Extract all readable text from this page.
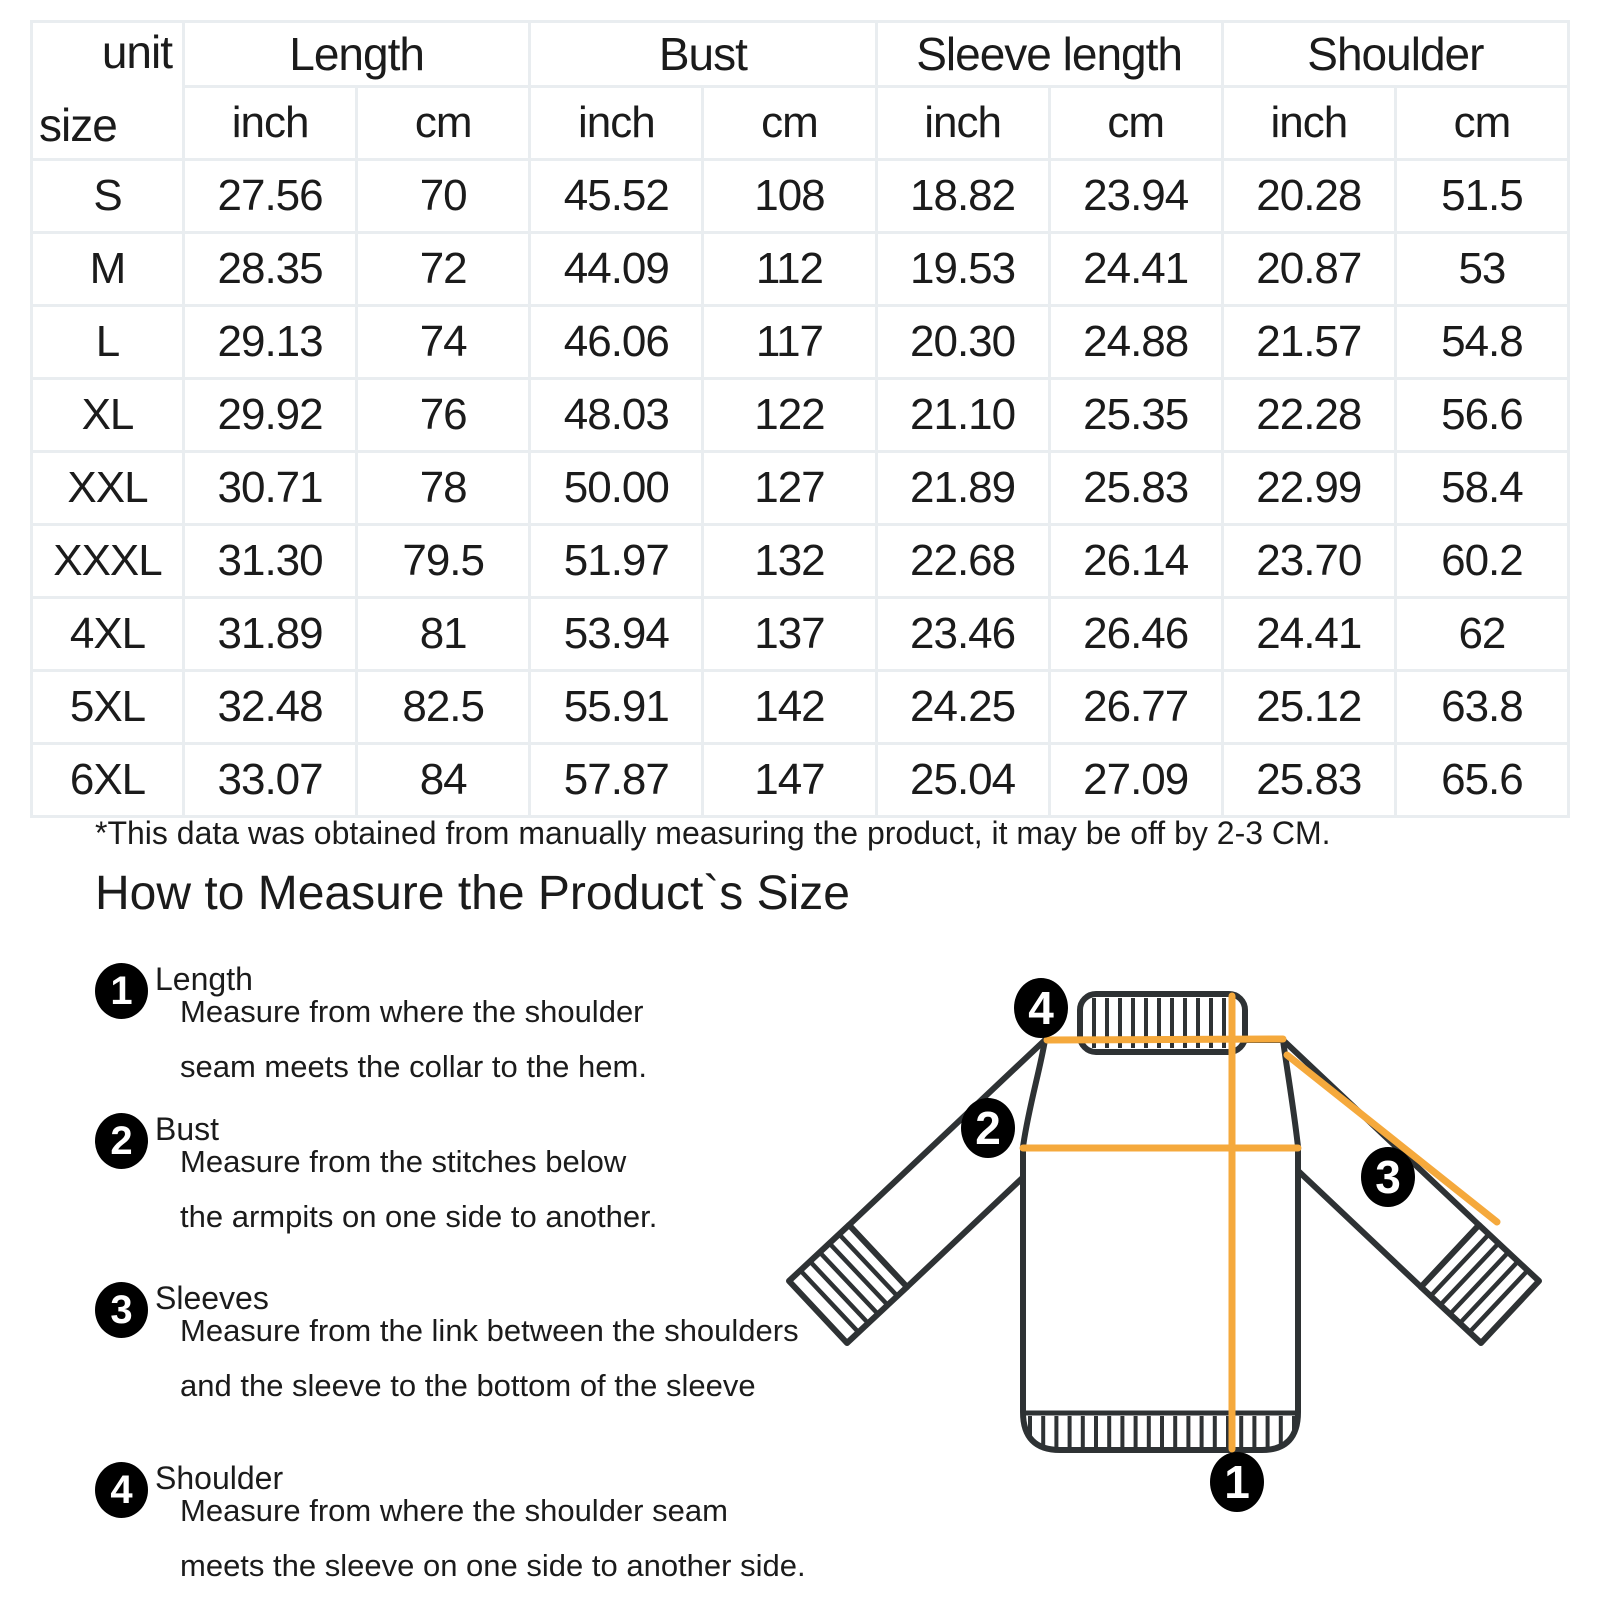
unit
size	Length		Bust		Sleeve length		Shoulder	
	inch	cm	inch	cm	inch	cm	inch	cm
S	27.56	70	45.52	108	18.82	23.94	20.28	51.5
M	28.35	72	44.09	112	19.53	24.41	20.87	53
L	29.13	74	46.06	117	20.30	24.88	21.57	54.8
XL	29.92	76	48.03	122	21.10	25.35	22.28	56.6
XXL	30.71	78	50.00	127	21.89	25.83	22.99	58.4
XXXL	31.30	79.5	51.97	132	22.68	26.14	23.70	60.2
4XL	31.89	81	53.94	137	23.46	26.46	24.41	62
5XL	32.48	82.5	55.91	142	24.25	26.77	25.12	63.8
6XL	33.07	84	57.87	147	25.04	27.09	25.83	65.6
*This data was obtained from manually measuring the product, it may be off by 2-3 CM.
How to Measure the Product`s Size
1 Length
Measure from where the shoulder
seam meets the collar to the hem.
2 Bust
Measure from the stitches below
the armpits on one side to another.
3 Sleeves
Measure from the link between the shoulders
and the sleeve to the bottom of the sleeve
4 Shoulder
Measure from where the shoulder seam
meets the sleeve on one side to another side.
4
2
3
1
